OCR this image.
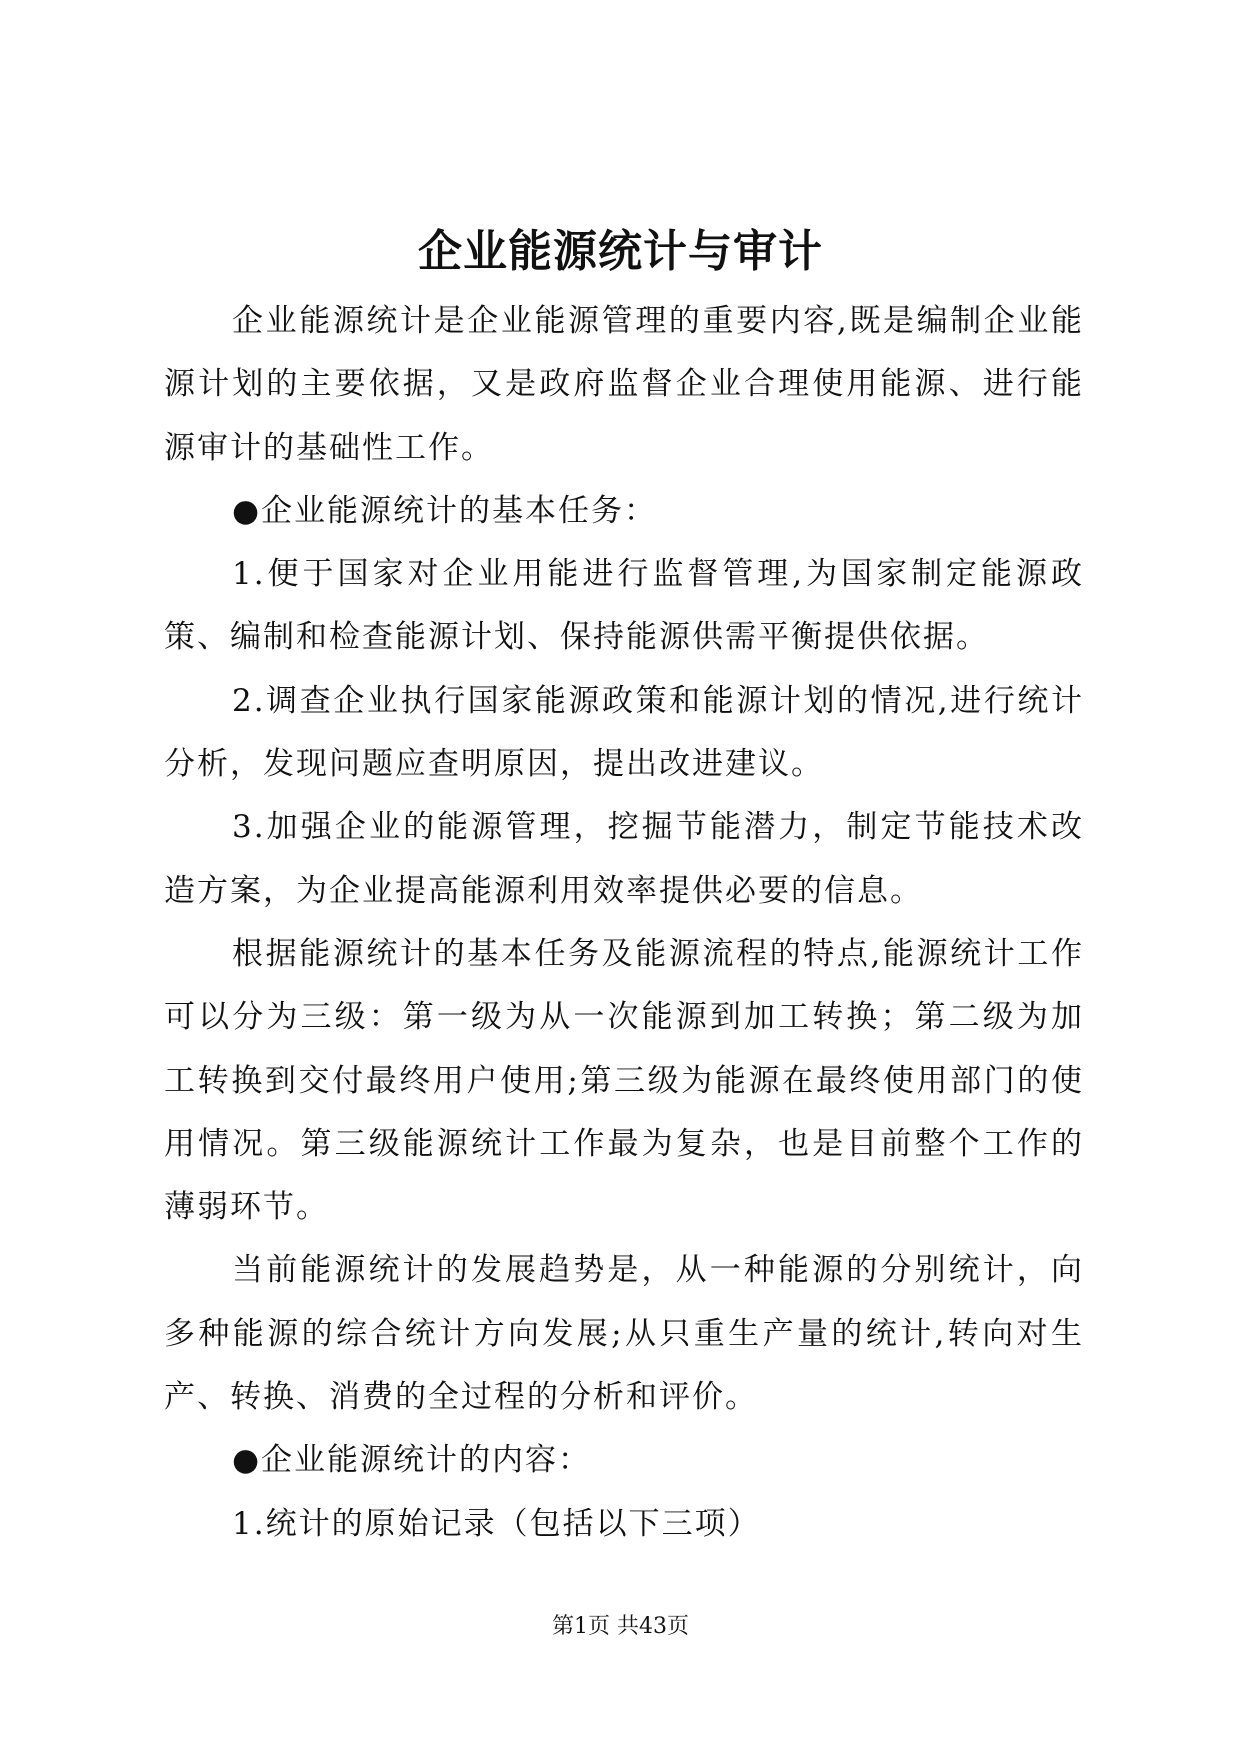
企业能源统计与审计

企业能源统计是企业能源管理的重要内容,既是编制企业能源计划的主要依据，又是政府监督企业合理使用能源、进行能源审计的基础性工作。

●企业能源统计的基本任务：

1.便于国家对企业用能进行监督管理,为国家制定能源政策、编制和检查能源计划、保持能源供需平衡提供依据。

2.调查企业执行国家能源政策和能源计划的情况,进行统计分析，发现问题应查明原因，提出改进建议。

3.加强企业的能源管理，挖掘节能潜力，制定节能技术改造方案，为企业提高能源利用效率提供必要的信息。

根据能源统计的基本任务及能源流程的特点,能源统计工作可以分为三级：第一级为从一次能源到加工转换；第二级为加工转换到交付最终用户使用;第三级为能源在最终使用部门的使用情况。第三级能源统计工作最为复杂，也是目前整个工作的薄弱环节。

当前能源统计的发展趋势是，从一种能源的分别统计，向多种能源的综合统计方向发展;从只重生产量的统计,转向对生产、转换、消费的全过程的分析和评价。

●企业能源统计的内容：

1.统计的原始记录（包括以下三项）

第1页 共43页
